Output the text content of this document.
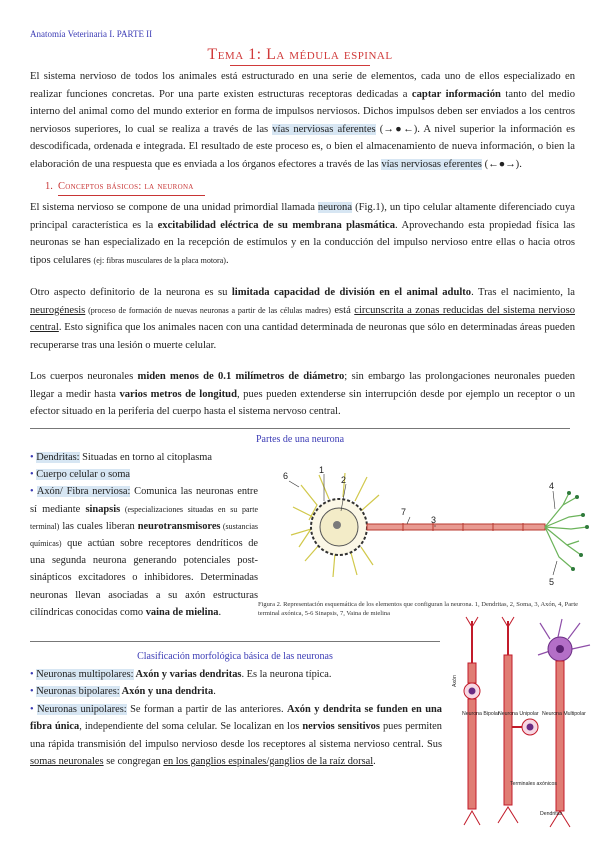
Anatomía Veterinaria I. PARTE II
Tema 1: La médula espinal

El sistema nervioso de todos los animales está estructurado en una serie de elementos, cada uno de ellos especializado en realizar funciones concretas. Por una parte existen estructuras receptoras dedicadas a captar información tanto del medio interno del animal como del mundo exterior en forma de impulsos nerviosos. Dichos impulsos deben ser enviados a los centros nerviosos superiores, lo cual se realiza a través de las vías nerviosas aferentes (→●←). A nivel superior la información es descodificada, ordenada e integrada. El resultado de este proceso es, o bien el almacenamiento de nueva información, o bien la elaboración de una respuesta que es enviada a los órganos efectores a través de las vías nerviosas eferentes (←●→).

1. Conceptos básicos: la neurona

El sistema nervioso se compone de una unidad primordial llamada neurona (Fig.1), un tipo celular altamente diferenciado cuya principal característica es la excitabilidad eléctrica de su membrana plasmática. Aprovechando esta propiedad física las neuronas se han especializado en la recepción de estímulos y en la conducción del impulso nervioso entre ellas o hacia otros tipos celulares (ej: fibras musculares de la placa motora).

Otro aspecto definitorio de la neurona es su limitada capacidad de división en el animal adulto. Tras el nacimiento, la neurogénesis (proceso de formación de nuevas neuronas a partir de las células madres) está circunscrita a zonas reducidas del sistema nervioso central. Esto significa que los animales nacen con una cantidad determinada de neuronas que sólo en determinadas áreas pueden recuperarse tras una lesión o muerte celular.

Los cuerpos neuronales miden menos de 0.1 milímetros de diámetro; sin embargo las prolongaciones neuronales pueden llegar a medir hasta varios metros de longitud, pues pueden extenderse sin interrupción desde por ejemplo un receptor o un efector situado en la periferia del cuerpo hasta el sistema nervoso central.

Partes de una neurona

• Dendritas: Situadas en torno al citoplasma

• Cuerpo celular o soma

• Axón/ Fibra nerviosa: Comunica las neuronas entre sí mediante sinapsis (especializaciones situadas en su parte terminal) las cuales liberan neurotransmisores (sustancias químicas) que actúan sobre receptores dendríticos de una segunda neurona generando potenciales post-sinápticos excitadores o inhibidores. Determinadas neuronas llevan asociadas a su axón estructuras cilíndricas conocidas como vaina de mielina.

1
2
3
4
5
6
7
Figura 2. Representación esquemática de los elementos que configuran la neurona. 1, Dendritas, 2, Soma, 3, Axón, 4, Parte terminal axónica, 5-6 Sinapsis, 7, Vaina de mielina
Clasificación morfológica básica de las neuronas

• Neuronas multipolares: Axón y varias dendritas. Es la neurona típica.

• Neuronas bipolares: Axón y una dendrita.

• Neuronas unipolares: Se forman a partir de las anteriores. Axón y dendrita se funden en una fibra única, independiente del soma celular. Se localizan en los nervios sensitivos pues permiten una rápida transmisión del impulso nervioso desde los receptores al sistema nervioso central. Sus somas neuronales se congregan en los ganglios espinales/ganglios de la raíz dorsal.

Neurona Bipolar
Neurona Unipolar Neurona Multipolar
Terminales axónicos
Axón
Dendritas
